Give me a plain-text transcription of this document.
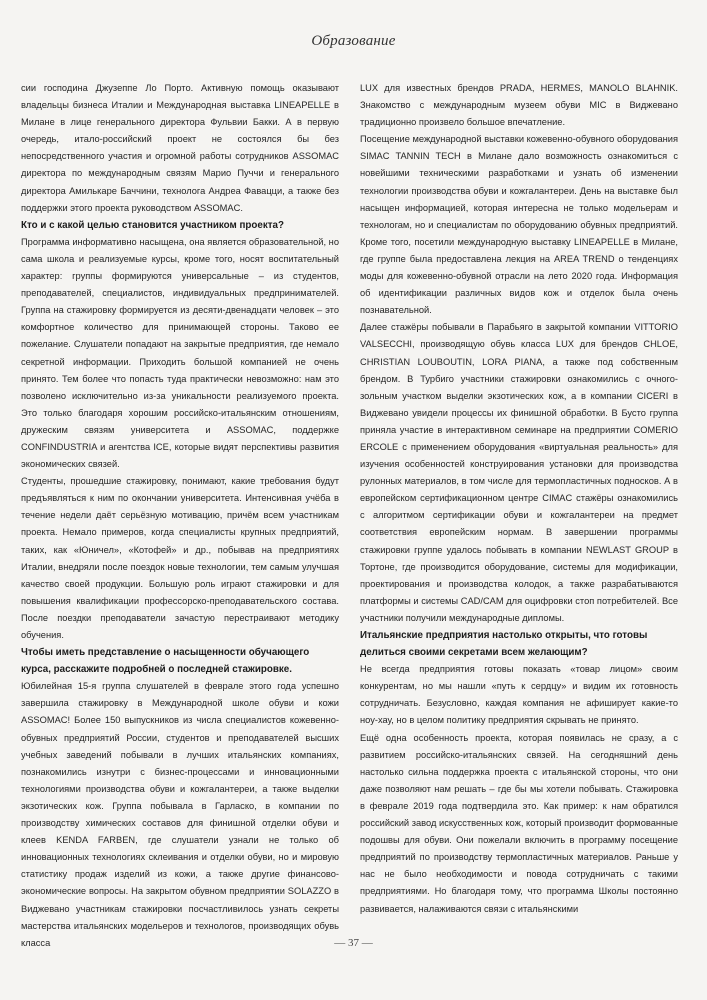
Образование

сии господина Джузеппе Ло Порто. Активную помощь оказывают владельцы бизнеса Италии и Международная выставка LINEAPELLE в Милане в лице генерального директора Фульвии Бакки. А в первую очередь, итало-российский проект не состоялся бы без непосредственного участия и огромной работы сотрудников ASSOMAC директора по международным связям Марио Пуччи и генерального директора Амилькаре Баччини, технолога Андреа Фавацци, а также без поддержки этого проекта руководством ASSOMAC.

Кто и с какой целью становится участником проекта?

Программа информативно насыщена, она является образовательной, но сама школа и реализуемые курсы, кроме того, носят воспитательный характер: группы формируются универсальные – из студентов, преподавателей, специалистов, индивидуальных предпринимателей. Группа на стажировку формируется из десяти-двенадцати человек – это комфортное количество для принимающей стороны. Таково ее пожелание. Слушатели попадают на закрытые предприятия, где немало секретной информации. Приходить большой компанией не очень принято. Тем более что попасть туда практически невозможно: нам это позволено исключительно из-за уникальности реализуемого проекта. Это только благодаря хорошим российско-итальянским отношениям, дружеским связям университета и ASSOMAC, поддержке CONFINDUSTRIA и агентства ICE, которые видят перспективы развития экономических связей.

Студенты, прошедшие стажировку, понимают, какие требования будут предъявляться к ним по окончании университета. Интенсивная учёба в течение недели даёт серьёзную мотивацию, причём всем участникам проекта. Немало примеров, когда специалисты крупных предприятий, таких, как «Юничел», «Котофей» и др., побывав на предприятиях Италии, внедряли после поездок новые технологии, тем самым улучшая качество своей продукции. Большую роль играют стажировки и для повышения квалификации профессорско-преподавательского состава. После поездки преподаватели зачастую перестраивают методику обучения.

Чтобы иметь представление о насыщенности обучающего курса, расскажите подробней о последней стажировке.

Юбилейная 15-я группа слушателей в феврале этого года успешно завершила стажировку в Международной школе обуви и кожи ASSOMAC! Более 150 выпускников из числа специалистов кожевенно-обувных предприятий России, студентов и преподавателей высших учебных заведений побывали в лучших итальянских компаниях, познакомились изнутри с бизнес-процессами и инновационными технологиями производства обуви и кожгалантереи, а также выделки экзотических кож. Группа побывала в Гарласко, в компании по производству химических составов для финишной отделки обуви и клеев KENDA FARBEN, где слушатели узнали не только об инновационных технологиях склеивания и отделки обуви, но и мировую статистику продаж изделий из кожи, а также другие финансово-экономические вопросы. На закрытом обувном предприятии SOLAZZO в Виджевано участникам стажировки посчастливилось узнать секреты мастерства итальянских модельеров и технологов, производящих обувь класса

LUX для известных брендов PRADA, HERMES, MANOLO BLAHNIK. Знакомство с международным музеем обуви MIC в Виджевано традиционно произвело большое впечатление.

Посещение международной выставки кожевенно-обувного оборудования SIMAC TANNIN TECH в Милане дало возможность ознакомиться с новейшими техническими разработками и узнать об изменении технологии производства обуви и кожгалантереи. День на выставке был насыщен информацией, которая интересна не только модельерам и технологам, но и специалистам по оборудованию обувных предприятий. Кроме того, посетили международную выставку LINEAPELLE в Милане, где группе была предоставлена лекция на AREA TREND о тенденциях моды для кожевенно-обувной отрасли на лето 2020 года. Информация об идентификации различных видов кож и отделок была очень познавательной.

Далее стажёры побывали в Парабьяго в закрытой компании VITTORIO VALSECCHI, производящую обувь класса LUX для брендов CHLOE, CHRISTIAN LOUBOUTIN, LORA PIANA, а также под собственным брендом. В Турбиго участники стажировки ознакомились с очного-зольным участком выделки экзотических кож, а в компании CICERI в Виджевано увидели процессы их финишной обработки. В Бусто группа приняла участие в интерактивном семинаре на предприятии COMERIO ERCOLE с применением оборудования «виртуальная реальность» для изучения особенностей конструирования установки для производства рулонных материалов, в том числе для термопластичных подносков. А в европейском сертификационном центре CIMAC стажёры ознакомились с алгоритмом сертификации обуви и кожгалантереи на предмет соответствия европейским нормам. В завершении программы стажировки группе удалось побывать в компании NEWLAST GROUP в Тортоне, где производится оборудование, системы для модификации, проектирования и производства колодок, а также разрабатываются платформы и системы CAD/CAM для оцифровки стоп потребителей. Все участники получили международные дипломы.

Итальянские предприятия настолько открыты, что готовы делиться своими секретами всем желающим?

Не всегда предприятия готовы показать «товар лицом» своим конкурентам, но мы нашли «путь к сердцу» и видим их готовность сотрудничать. Безусловно, каждая компания не афиширует какие-то ноу-хау, но в целом политику предприятия скрывать не принято.

Ещё одна особенность проекта, которая появилась не сразу, а с развитием российско-итальянских связей. На сегодняшний день настолько сильна поддержка проекта с итальянской стороны, что они даже позволяют нам решать – где бы мы хотели побывать. Стажировка в феврале 2019 года подтвердила это. Как пример: к нам обратился российский завод искусственных кож, который производит формованные подошвы для обуви. Они пожелали включить в программу посещение предприятий по производству термопластичных материалов. Раньше у нас не было необходимости и повода сотрудничать с такими предприятиями. Но благодаря тому, что программа Школы постоянно развивается, налаживаются связи с итальянскими

— 37 —
